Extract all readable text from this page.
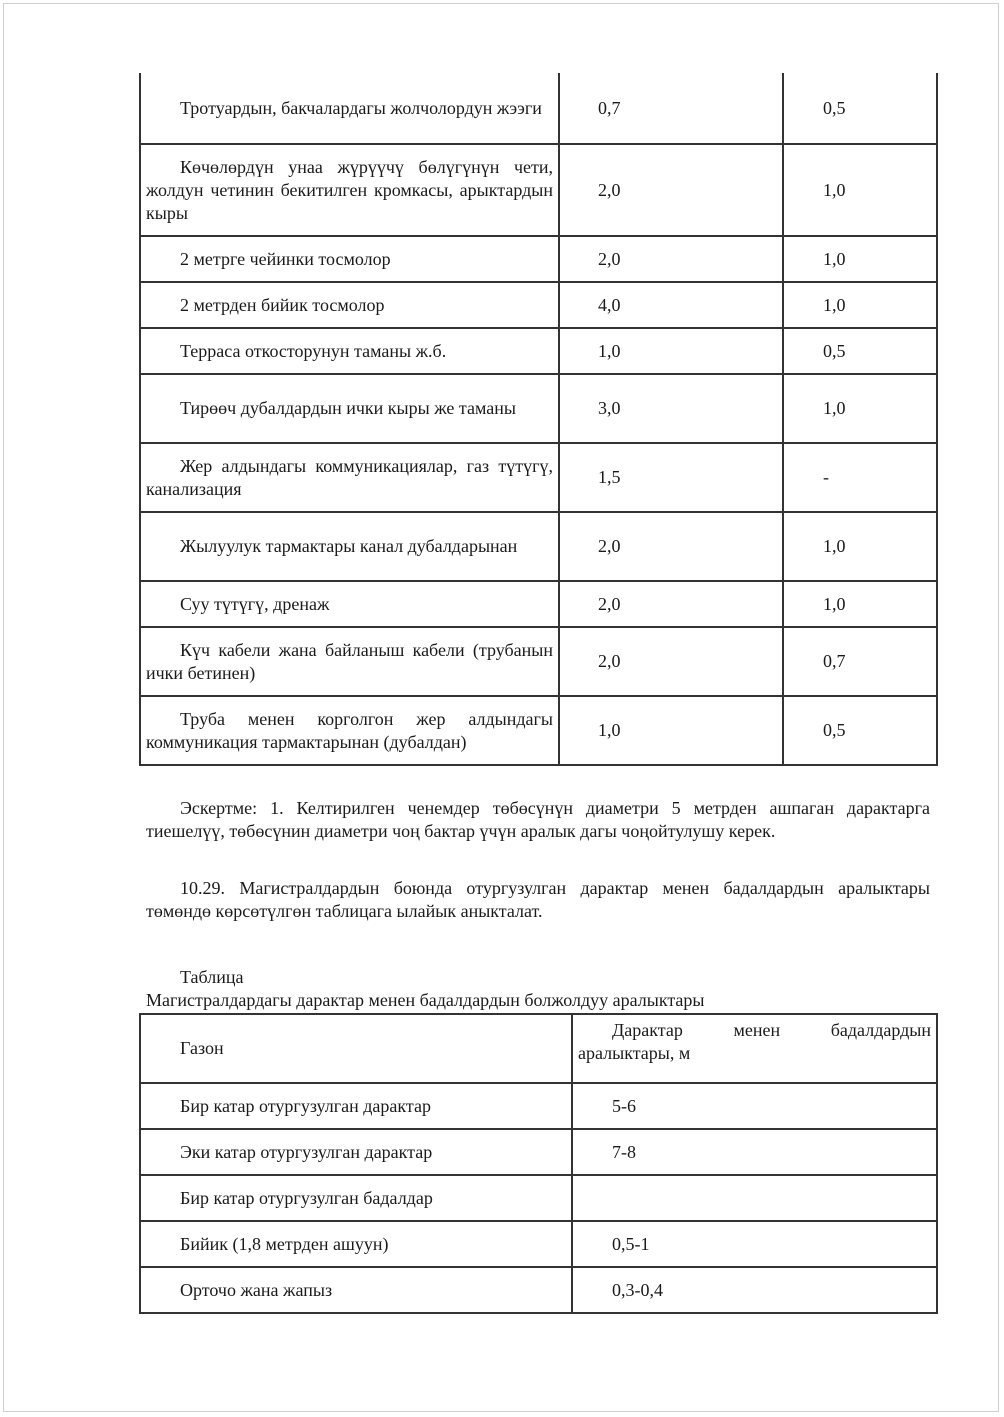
Тротуардын, бакчалардагы жолчолордун жээги	0,7	0,5
Көчөлөрдүн унаа жүрүүчү бөлүгүнүн чети, жолдун четинин бекитилген кромкасы, арыктардын кыры	2,0	1,0
2 метрге чейинки тосмолор	2,0	1,0
2 метрден бийик тосмолор	4,0	1,0
Терраса откосторунун таманы ж.б.	1,0	0,5
Тирөөч дубалдардын ички кыры же таманы	3,0	1,0
Жер алдындагы коммуникациялар, газ түтүгү, канализация	1,5	-
Жылуулук тармактары канал дубалдарынан	2,0	1,0
Суу түтүгү, дренаж	2,0	1,0
Күч кабели жана байланыш кабели (трубанын ички бетинен)	2,0	0,7
Труба менен корголгон жер алдындагы коммуникация тармактарынан (дубалдан)	1,0	0,5

Эскертме: 1. Келтирилген ченемдер төбөсүнүн диаметри 5 метрден ашпаган дарактарга тиешелүү, төбөсүнин диаметри чоң бактар үчүн аралык дагы чоңойтулушу керек.

10.29. Магистралдардын боюнда отургузулган дарактар менен бадалдардын аралыктары төмөндө көрсөтүлгөн таблицага ылайык аныкталат.

Таблица

Магистралдардагы дарактар менен бадалдардын болжолдуу аралыктары

Газон	Дарактар менен бадалдардын аралыктары, м
Бир катар отургузулган дарактар	5-6
Эки катар отургузулган дарактар	7-8
Бир катар отургузулган бадалдар	
Бийик (1,8 метрден ашуун)	0,5-1
Орточо жана жапыз	0,3-0,4
